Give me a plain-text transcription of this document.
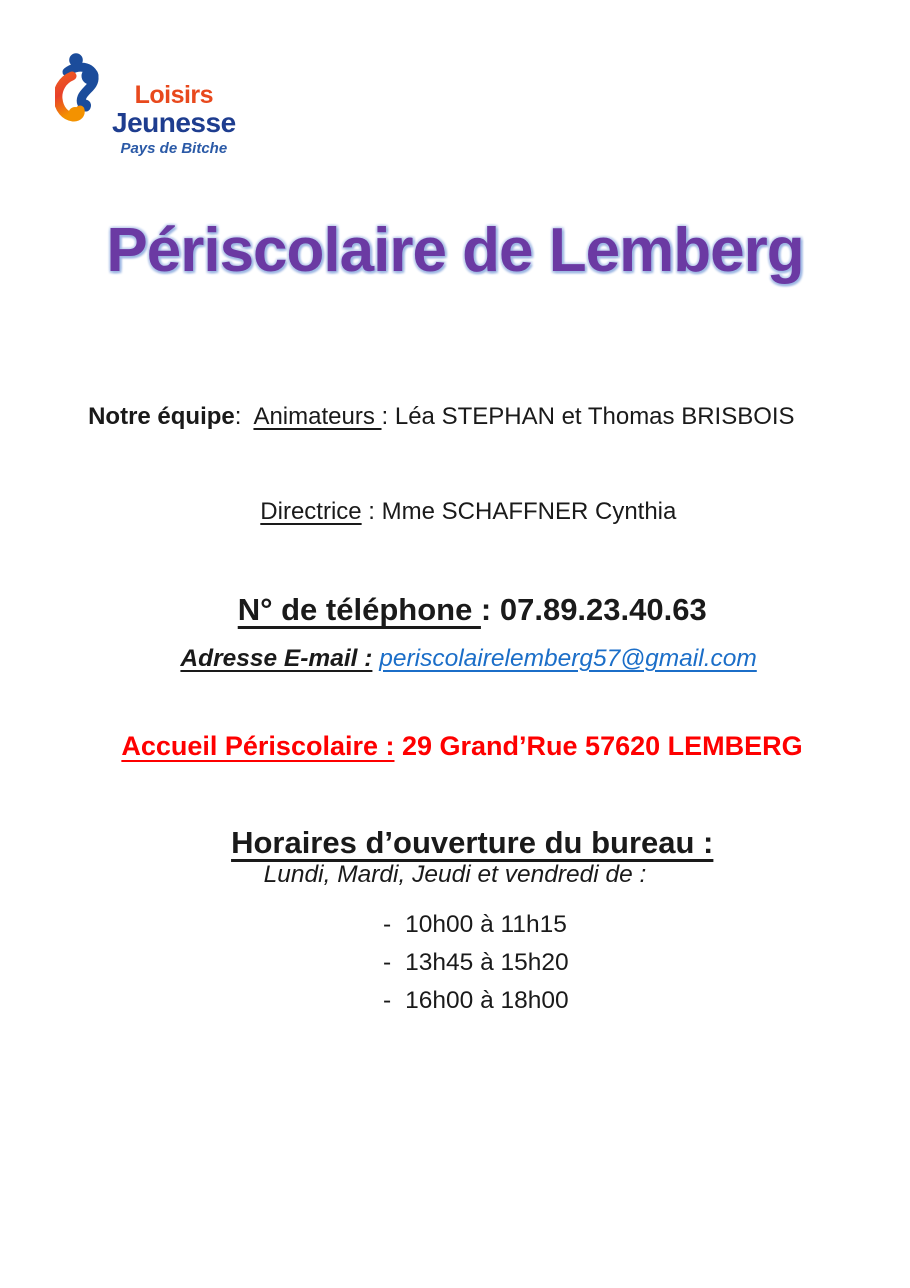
Loisirs
Jeunesse
Pays de Bitche
Périscolaire de Lemberg

Notre équipe:  Animateurs : Léa STEPHAN et Thomas BRISBOIS

Directrice : Mme SCHAFFNER Cynthia

N° de téléphone : 07.89.23.40.63

Adresse E-mail : periscolairelemberg57@gmail.com

Accueil Périscolaire : 29 Grand’Rue 57620 LEMBERG

Horaires d’ouverture du bureau :

Lundi, Mardi, Jeudi et vendredi de :
- 10h00 à 11h15
- 13h45 à 15h20
- 16h00 à 18h00
